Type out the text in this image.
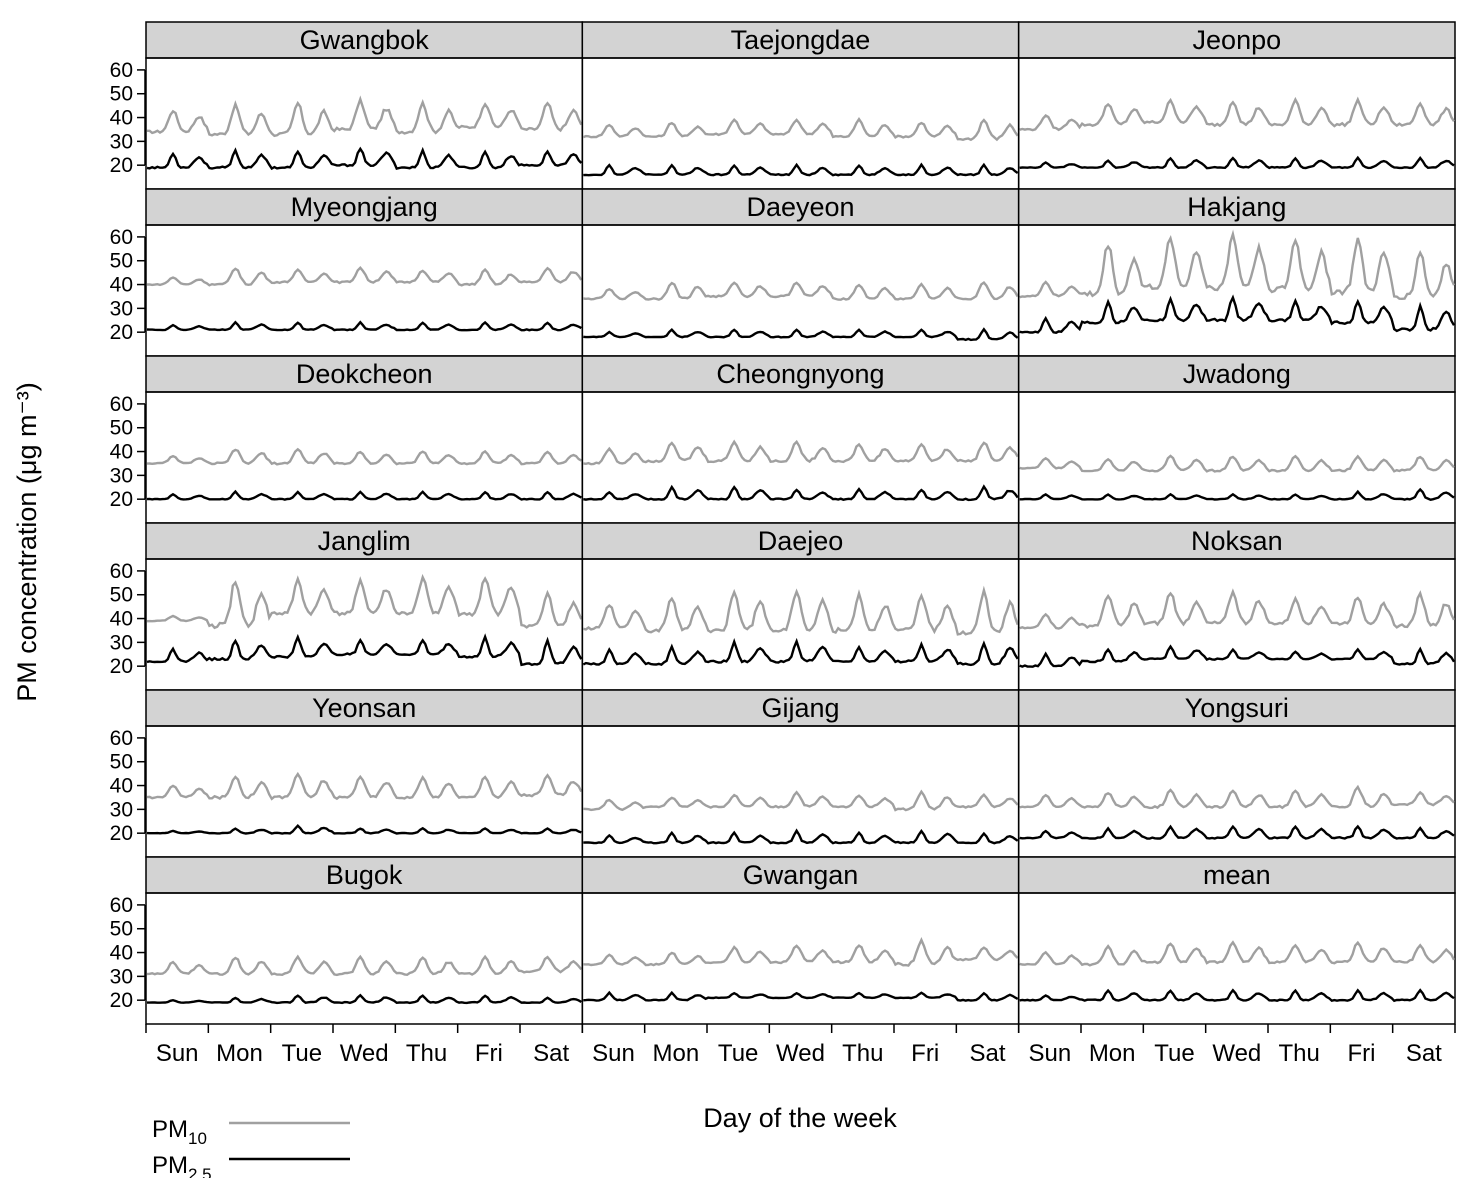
Gwangbok	Taejongdae	Jeonpo
Myeongjang	Daeyeon	Hakjang
Deokcheon	Cheongnyong	Jwadong
Janglim	Daejeo	Noksan
Yeonsan	Gijang	Yongsuri
Bugok	Gwangan	mean
20
30
40
50
60
20
30
40
50
60
20
30
40
50
60
20
30
40
50
60
20
30
40
50
60
20
30
40
50
60
Sun Mon Tue Wed Thu Fri Sat Sun Mon Tue Wed Thu Fri Sat Sun Mon Tue Wed Thu Fri Sat
PM concentration (μg m⁻³)
Day of the week
$PM_{10}$
$PM_{2.5}$
